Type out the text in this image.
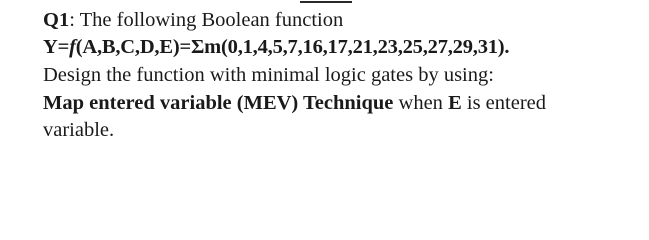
Q1: The following Boolean function
Y=f(A,B,C,D,E)=Σm(0,1,4,5,7,16,17,21,23,25,27,29,31).
Design the function with minimal logic gates by using:
Map entered variable (MEV) Technique when E is entered
variable.
